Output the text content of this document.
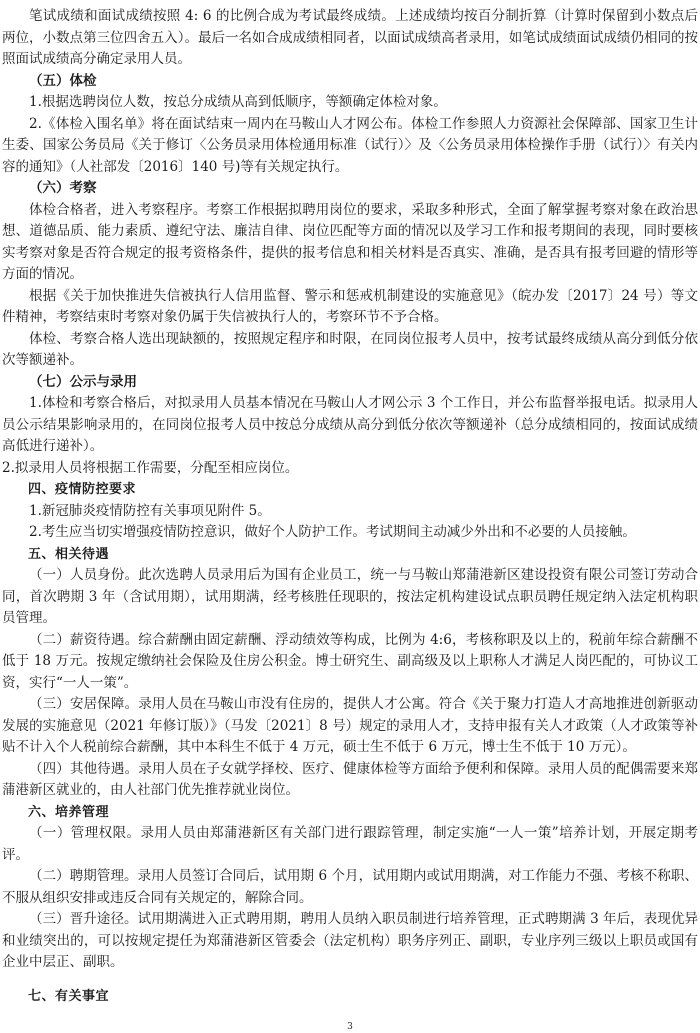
笔试成绩和面试成绩按照 4: 6 的比例合成为考试最终成绩。上述成绩均按百分制折算（计算时保留到小数点后两位，小数点第三位四舍五入）。最后一名如合成成绩相同者，以面试成绩高者录用，如笔试成绩面试成绩仍相同的按照面试成绩高分确定录用人员。
（五）体检
1.根据选聘岗位人数，按总分成绩从高到低顺序，等额确定体检对象。
2.《体检入围名单》将在面试结束一周内在马鞍山人才网公布。体检工作参照人力资源社会保障部、国家卫生计生委、国家公务员局《关于修订〈公务员录用体检通用标准（试行）〉及〈公务员录用体检操作手册（试行）〉有关内容的通知》（人社部发〔2016〕140 号)等有关规定执行。
（六）考察
体检合格者，进入考察程序。考察工作根据拟聘用岗位的要求，采取多种形式，全面了解掌握考察对象在政治思想、道德品质、能力素质、遵纪守法、廉洁自律、岗位匹配等方面的情况以及学习工作和报考期间的表现，同时要核实考察对象是否符合规定的报考资格条件，提供的报考信息和相关材料是否真实、准确，是否具有报考回避的情形等方面的情况。
根据《关于加快推进失信被执行人信用监督、警示和惩戒机制建设的实施意见》（皖办发〔2017〕24 号）等文件精神，考察结束时考察对象仍属于失信被执行人的，考察环节不予合格。
体检、考察合格人选出现缺额的，按照规定程序和时限，在同岗位报考人员中，按考试最终成绩从高分到低分依次等额递补。
（七）公示与录用
1.体检和考察合格后，对拟录用人员基本情况在马鞍山人才网公示 3 个工作日，并公布监督举报电话。拟录用人员公示结果影响录用的，在同岗位报考人员中按总分成绩从高分到低分依次等额递补（总分成绩相同的，按面试成绩高低进行递补）。
2.拟录用人员将根据工作需要，分配至相应岗位。
四、疫情防控要求
1.新冠肺炎疫情防控有关事项见附件 5。
2.考生应当切实增强疫情防控意识，做好个人防护工作。考试期间主动减少外出和不必要的人员接触。
五、相关待遇
（一）人员身份。此次选聘人员录用后为国有企业员工，统一与马鞍山郑蒲港新区建设投资有限公司签订劳动合同，首次聘期 3 年（含试用期），试用期满，经考核胜任现职的，按法定机构建设试点职员聘任规定纳入法定机构职员管理。
（二）薪资待遇。综合薪酬由固定薪酬、浮动绩效等构成，比例为 4:6，考核称职及以上的，税前年综合薪酬不低于 18 万元。按规定缴纳社会保险及住房公积金。博士研究生、副高级及以上职称人才满足人岗匹配的，可协议工资，实行“一人一策”。
（三）安居保障。录用人员在马鞍山市没有住房的，提供人才公寓。符合《关于聚力打造人才高地推进创新驱动发展的实施意见（2021 年修订版）》（马发〔2021〕8 号）规定的录用人才，支持申报有关人才政策（人才政策等补贴不计入个人税前综合薪酬，其中本科生不低于 4 万元，硕士生不低于 6 万元，博士生不低于 10 万元）。
（四）其他待遇。录用人员在子女就学择校、医疗、健康体检等方面给予便利和保障。录用人员的配偶需要来郑蒲港新区就业的，由人社部门优先推荐就业岗位。
六、培养管理
（一）管理权限。录用人员由郑蒲港新区有关部门进行跟踪管理，制定实施“一人一策”培养计划，开展定期考评。
（二）聘期管理。录用人员签订合同后，试用期 6 个月，试用期内或试用期满，对工作能力不强、考核不称职、不服从组织安排或违反合同有关规定的，解除合同。
（三）晋升途径。试用期满进入正式聘用期，聘用人员纳入职员制进行培养管理，正式聘期满 3 年后，表现优异和业绩突出的，可以按规定提任为郑蒲港新区管委会（法定机构）职务序列正、副职，专业序列三级以上职员或国有企业中层正、副职。
七、有关事宜
3
